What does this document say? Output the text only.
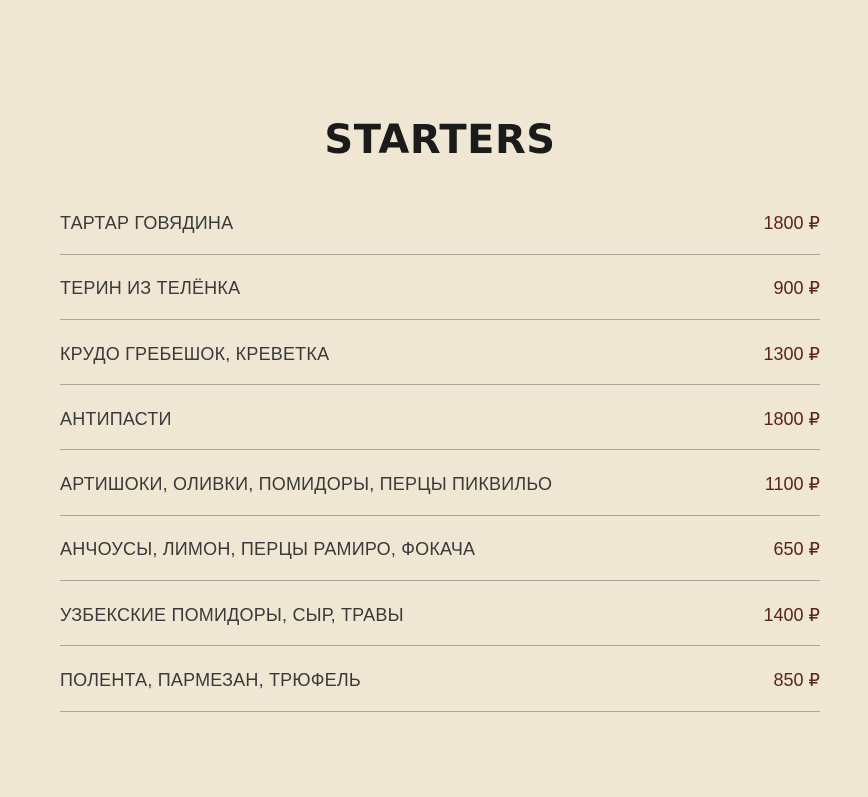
STARTERS
ТАРТАР ГОВЯДИНА	1800 ₽
ТЕРИН ИЗ ТЕЛЁНКА	900 ₽
КРУДО ГРЕБЕШОК, КРЕВЕТКА	1300 ₽
АНТИПАСТИ	1800 ₽
АРТИШОКИ, ОЛИВКИ, ПОМИДОРЫ, ПЕРЦЫ ПИКВИЛЬО	1100 ₽
АНЧОУСЫ, ЛИМОН, ПЕРЦЫ РАМИРО, ФОКАЧА	650 ₽
УЗБЕКСКИЕ ПОМИДОРЫ, СЫР, ТРАВЫ	1400 ₽
ПОЛЕНТА, ПАРМЕЗАН, ТРЮФЕЛЬ	850 ₽
